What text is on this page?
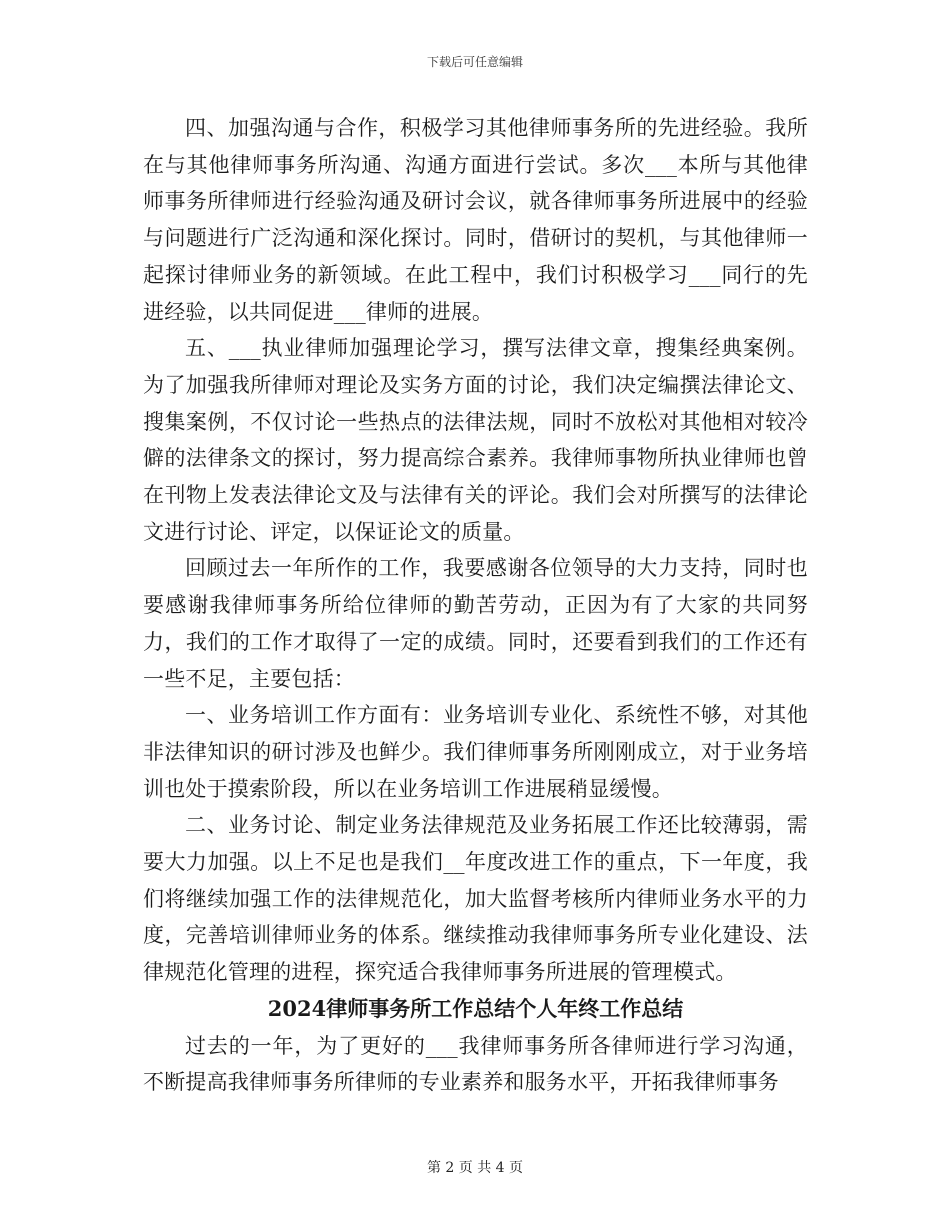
下载后可任意编辑

四、加强沟通与合作，积极学习其他律师事务所的先进经验。我所在与其他律师事务所沟通、沟通方面进行尝试。多次___本所与其他律师事务所律师进行经验沟通及研讨会议，就各律师事务所进展中的经验与问题进行广泛沟通和深化探讨。同时，借研讨的契机，与其他律师一起探讨律师业务的新领域。在此工程中，我们讨积极学习___同行的先进经验，以共同促进___律师的进展。

五、___执业律师加强理论学习，撰写法律文章，搜集经典案例。为了加强我所律师对理论及实务方面的讨论，我们决定编撰法律论文、搜集案例，不仅讨论一些热点的法律法规，同时不放松对其他相对较冷僻的法律条文的探讨，努力提高综合素养。我律师事物所执业律师也曾在刊物上发表法律论文及与法律有关的评论。我们会对所撰写的法律论文进行讨论、评定，以保证论文的质量。

回顾过去一年所作的工作，我要感谢各位领导的大力支持，同时也要感谢我律师事务所给位律师的勤苦劳动，正因为有了大家的共同努力，我们的工作才取得了一定的成绩。同时，还要看到我们的工作还有一些不足，主要包括：

一、业务培训工作方面有：业务培训专业化、系统性不够，对其他非法律知识的研讨涉及也鲜少。我们律师事务所刚刚成立，对于业务培训也处于摸索阶段，所以在业务培训工作进展稍显缓慢。

二、业务讨论、制定业务法律规范及业务拓展工作还比较薄弱，需要大力加强。以上不足也是我们__年度改进工作的重点，下一年度，我们将继续加强工作的法律规范化，加大监督考核所内律师业务水平的力度，完善培训律师业务的体系。继续推动我律师事务所专业化建设、法律规范化管理的进程，探究适合我律师事务所进展的管理模式。

2024律师事务所工作总结个人年终工作总结

过去的一年，为了更好的___我律师事务所各律师进行学习沟通，不断提高我律师事务所律师的专业素养和服务水平，开拓我律师事务

第 2 页 共 4 页
